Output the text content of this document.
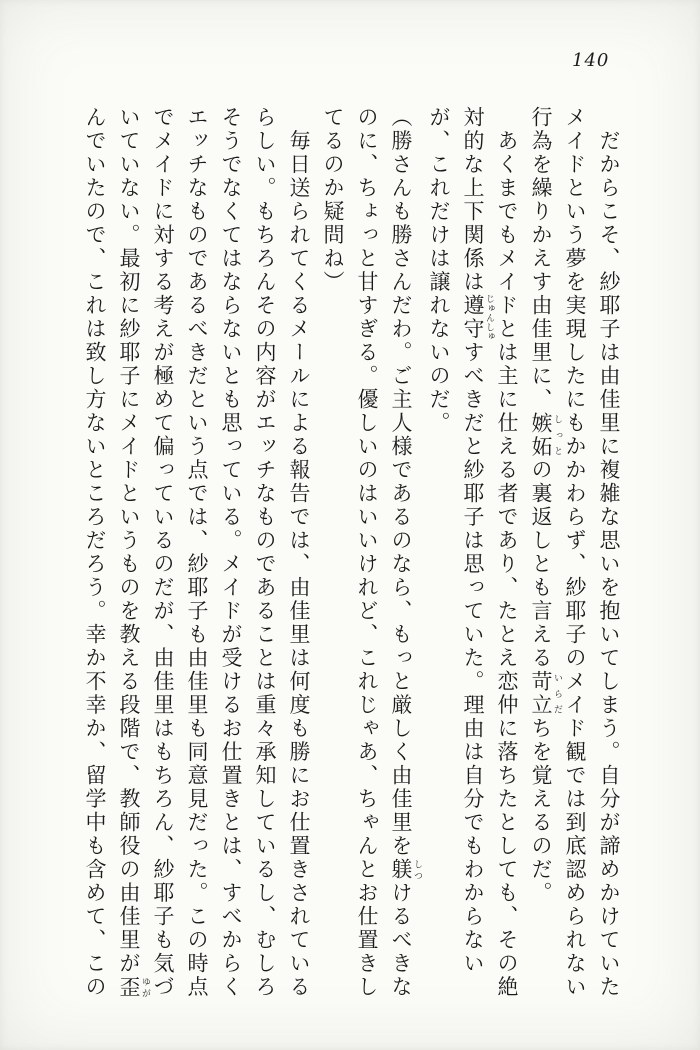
140

　だからこそ、紗耶子は由佳里に複雑な思いを抱いてしまう。自分が諦めかけていたメイドという夢を実現したにもかかわらず、紗耶子のメイド観では到底認められない行為を繰りかえす由佳里に、嫉妬 しっとの裏返しとも言える苛立 いらだちを覚えるのだ。

　あくまでもメイドとは主に仕える者であり、たとえ恋仲に落ちたとしても、その絶対的な上下関係は遵守 じゅんしゅすべきだと紗耶子は思っていた。理由は自分でもわからないが、これだけは譲れないのだ。

（勝さんも勝さんだわ。ご主人様であるのなら、もっと厳しく由佳里を躾 しつけるべきなのに、ちょっと甘すぎる。優しいのはいいけれど、これじゃあ、ちゃんとお仕置きしてるのか疑問ね）

　毎日送られてくるメールによる報告では、由佳里は何度も勝にお仕置きされているらしい。もちろんその内容がエッチなものであることは重々承知しているし、むしろそうでなくてはならないとも思っている。メイドが受けるお仕置きとは、すべからくエッチなものであるべきだという点では、紗耶子も由佳里も同意見だった。この時点でメイドに対する考えが極めて偏っているのだが、由佳里はもちろん、紗耶子も気づいていない。最初に紗耶子にメイドというものを教える段階で、教師役の由佳里が歪 ゆがんでいたので、これは致し方ないところだろう。幸か不幸か、留学中も含めて、この
